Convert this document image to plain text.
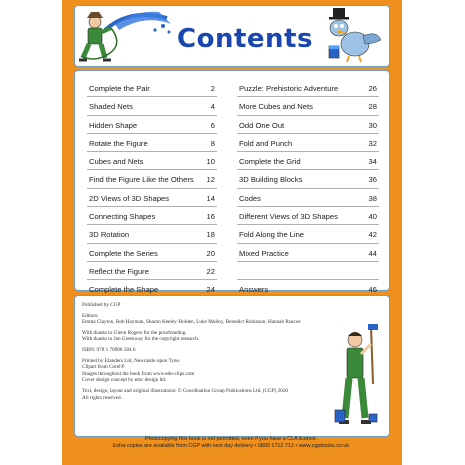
Contents
Complete the Pair	2
Shaded Nets	4
Hidden Shape	6
Rotate the Figure	8
Cubes and Nets	10
Find the Figure Like the Others 12
2D Views of 3D Shapes	14
Connecting Shapes	16
3D Rotation	18
Complete the Series	20
Reflect the Figure	22
Complete the Shape	24
Puzzle: Prehistoric Adventure	26
More Cubes and Nets	28
Odd One Out	30
Fold and Punch	32
Complete the Grid	34
3D Building Blocks	36
Codes	38
Different Views of 3D Shapes	40
Fold Along the Line	42
Mixed Practice	44
Answers	46
Published by CGP
Editors:
Emma Clayton, Rob Hayman, Sharon Keeley-Holden, Luke Molloy, Benedict Robinson, Hannah Roscoe
With thanks to Glenn Rogers for the proofreading.
With thanks to Jan Greenway for the copyright research.
ISBN: 978 1 78908 584 6
Printed by Elanders Ltd, Newcastle upon Tyne.
Clipart from Corel®
Images throughout the book from www.edu-clips.com
Cover design concept by emc design ltd.
Text, design, layout and original illustrations: © Coordination Group Publications Ltd. (CGP) 2020
All rights reserved.
Photocopying this book is not permitted, even if you have a CLA licence.
Extra copies are available from CGP with next day delivery • 0800 1712 712 • www.cgpbooks.co.uk
